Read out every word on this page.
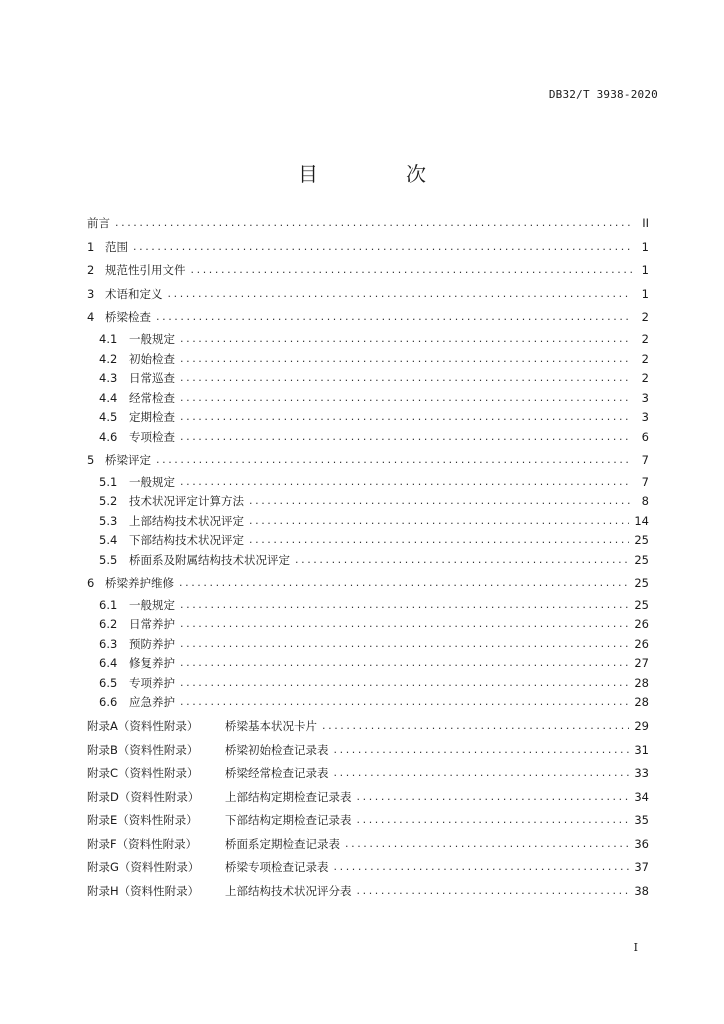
DB32/T 3938-2020
目　次
前言 .....	II
1 范围 .....	1
2 规范性引用文件 .....	1
3 术语和定义 .....	1
4 桥梁检查 .....	2
4.1	一般规定 .....	2
4.2	初始检查 .....	2
4.3	日常巡查 .....	2
4.4	经常检查 .....	3
4.5	定期检查 .....	3
4.6	专项检查 .....	6
5 桥梁评定 .....	7
5.1	一般规定 .....	7
5.2	技术状况评定计算方法 .....	8
5.3	上部结构技术状况评定 .....	14
5.4	下部结构技术状况评定 .....	25
5.5	桥面系及附属结构技术状况评定 .....	25
6 桥梁养护维修 .....	25
6.1	一般规定 .....	25
6.2	日常养护 .....	26
6.3	预防养护 .....	26
6.4	修复养护 .....	27
6.5	专项养护 .....	28
6.6	应急养护 .....	28
附录A（资料性附录）	桥梁基本状况卡片 .....	29
附录B（资料性附录）	桥梁初始检查记录表 .....	31
附录C（资料性附录）	桥梁经常检查记录表 .....	33
附录D（资料性附录）	上部结构定期检查记录表 .....	34
附录E（资料性附录）	下部结构定期检查记录表 .....	35
附录F（资料性附录）	桥面系定期检查记录表 .....	36
附录G（资料性附录）	桥梁专项检查记录表 .....	37
附录H（资料性附录）	上部结构技术状况评分表 .....	38
I
